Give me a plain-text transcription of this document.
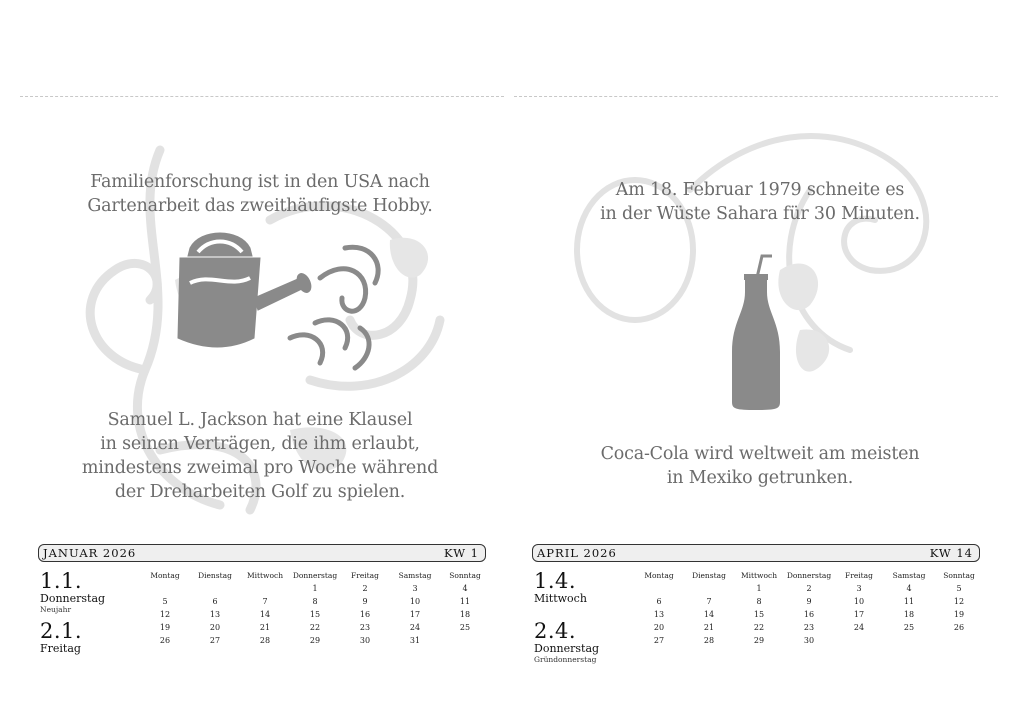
Familienforschung ist in den USA nach
Gartenarbeit das zweithäufigste Hobby.
Samuel L. Jackson hat eine Klausel
in seinen Verträgen, die ihm erlaubt,
mindestens zweimal pro Woche während
der Dreharbeiten Golf zu spielen.
JANUAR 2026	KW 1
1.1.
Donnerstag
Neujahr
2.1.
Freitag
Montag	Dienstag	Mittwoch	Donnerstag	Freitag	Samstag	Sonntag
			1	2	3	4
5	6	7	8	9	10	11
12	13	14	15	16	17	18
19	20	21	22	23	24	25
26	27	28	29	30	31	
Am 18. Februar 1979 schneite es
in der Wüste Sahara für 30 Minuten.
Coca-Cola wird weltweit am meisten
in Mexiko getrunken.
APRIL 2026	KW 14
1.4.
Mittwoch
2.4.
Donnerstag
Gründonnerstag
Montag	Dienstag	Mittwoch	Donnerstag	Freitag	Samstag	Sonntag
		1	2	3	4	5
6	7	8	9	10	11	12
13	14	15	16	17	18	19
20	21	22	23	24	25	26
27	28	29	30			
